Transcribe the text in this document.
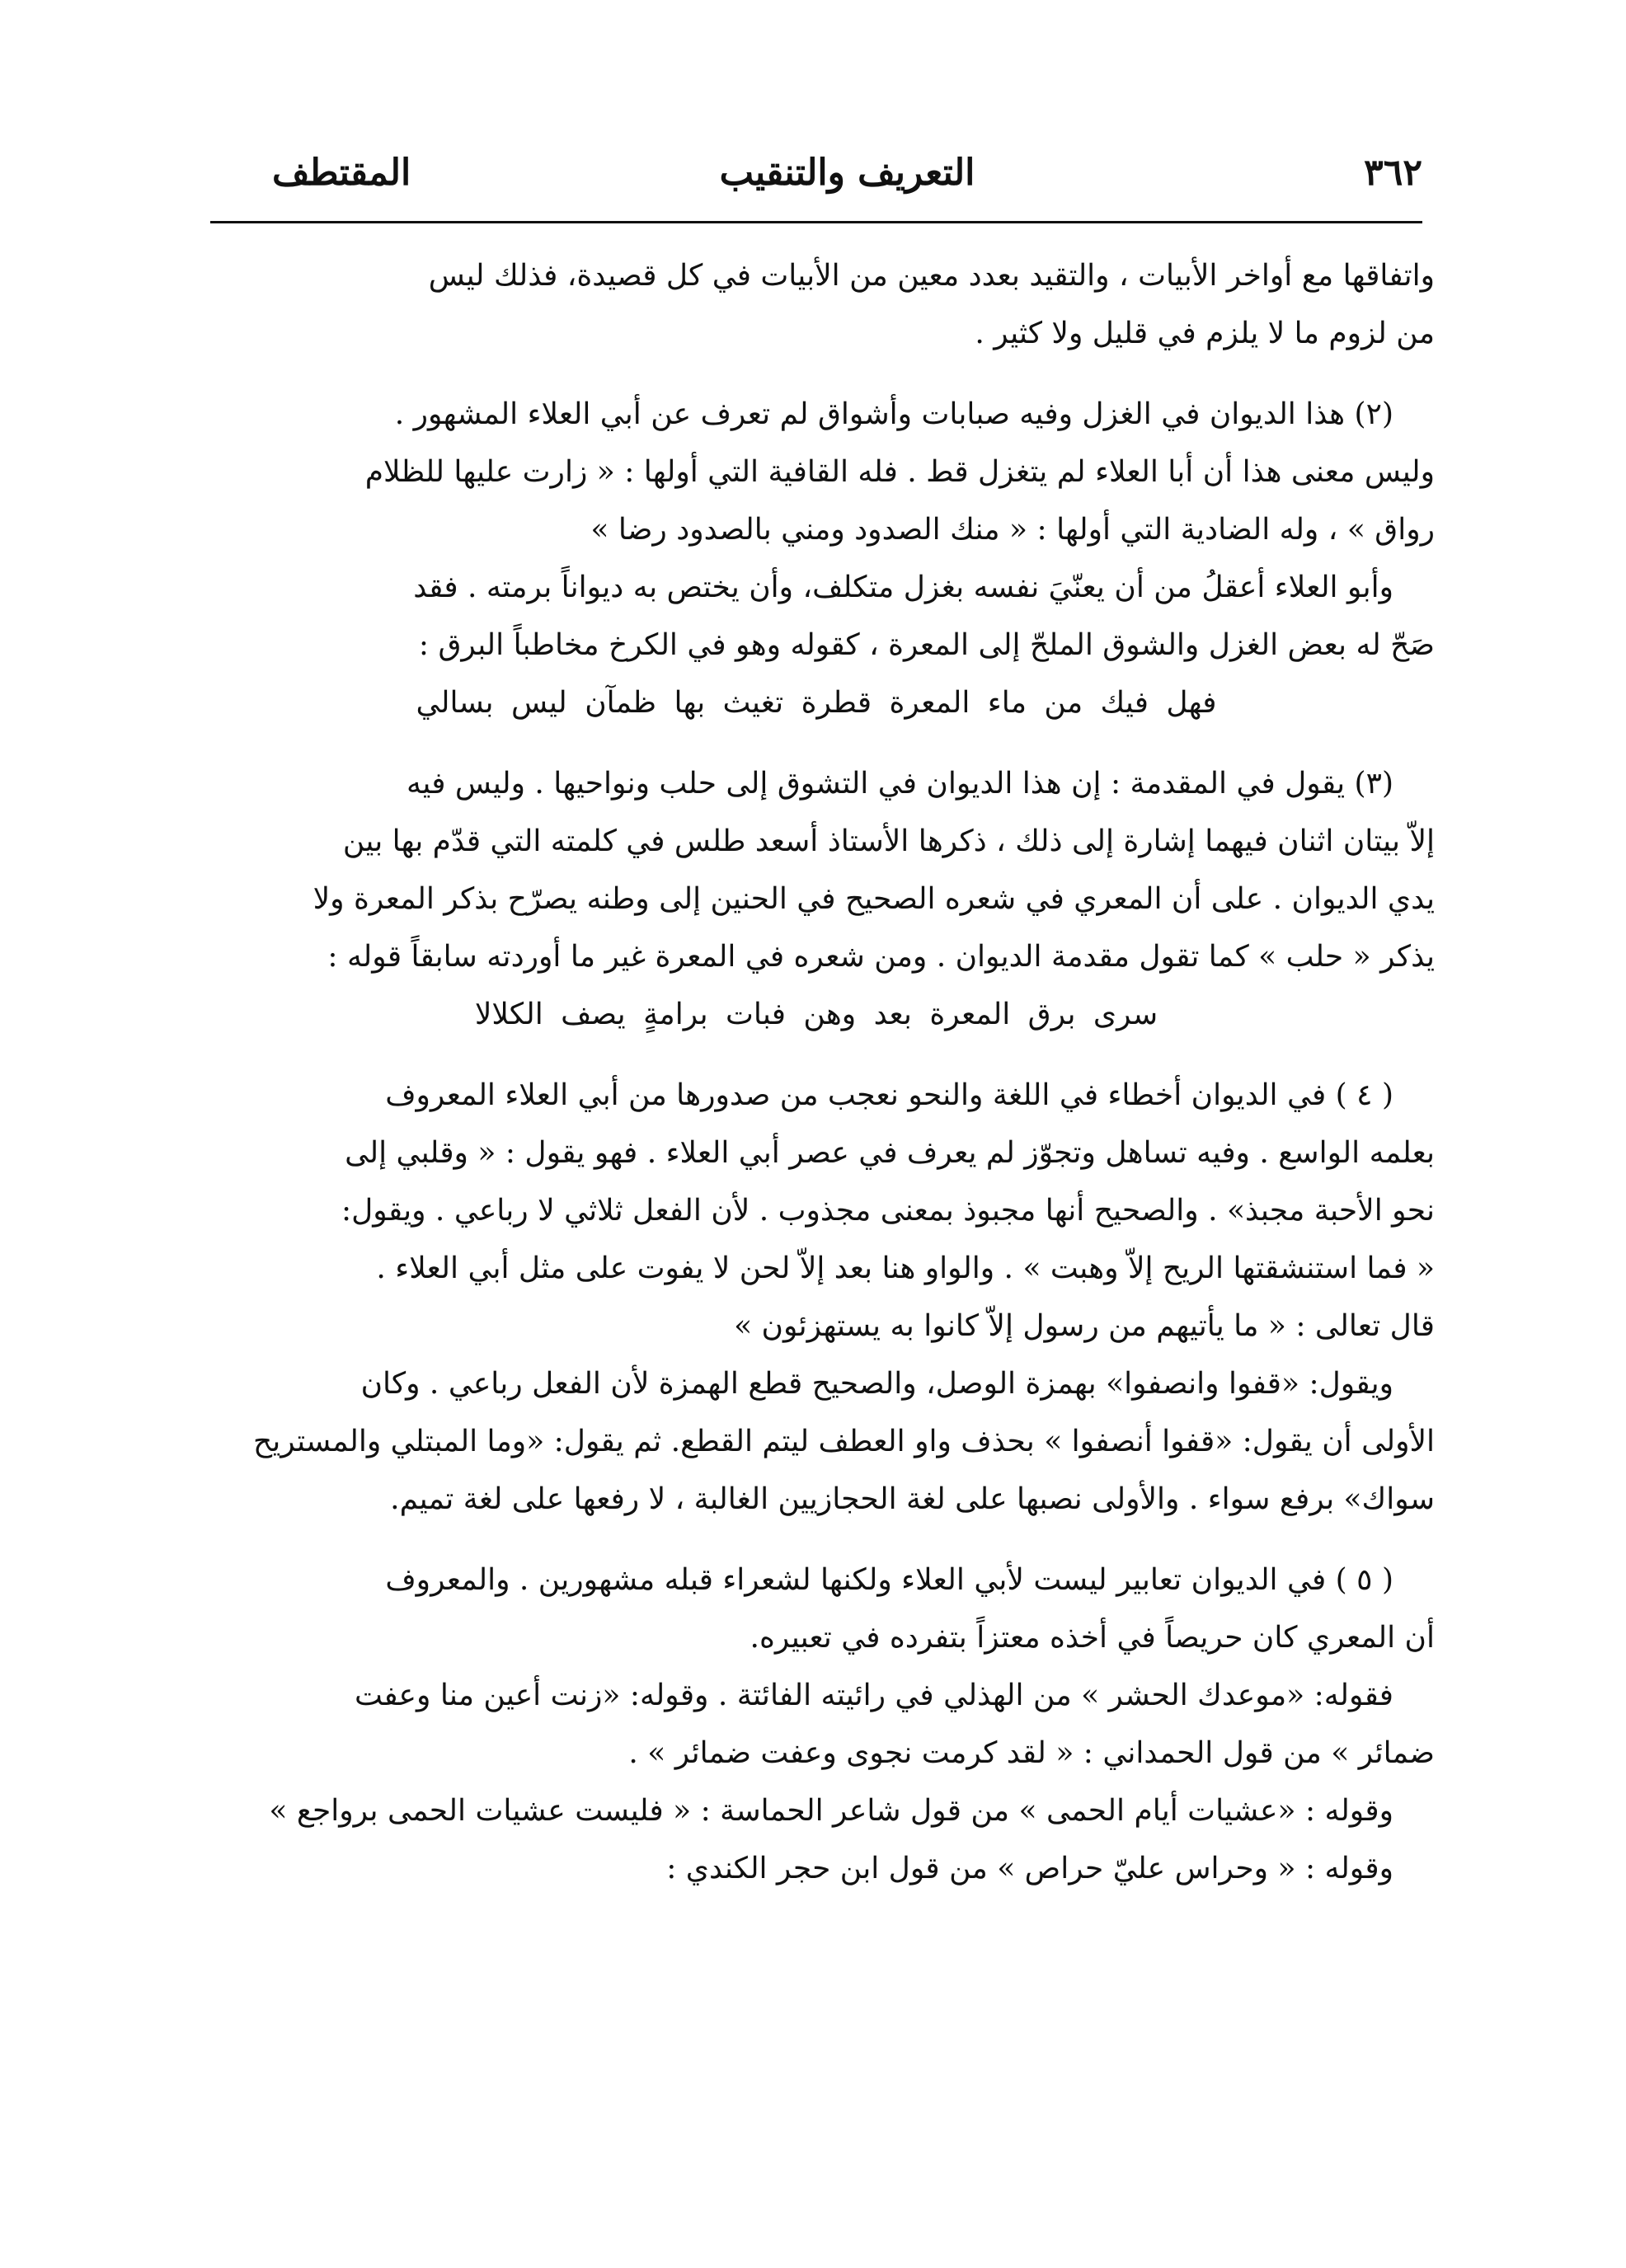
٣٦٢
التعريف والتنقيب
المقتطف
واتفاقها مع أواخر الأبيات ، والتقيد بعدد معين من الأبيات في كل قصيدة، فذلك ليس
من لزوم ما لا يلزم في قليل ولا كثير .
(٢) هذا الديوان في الغزل وفيه صبابات وأشواق لم تعرف عن أبي العلاء المشهور .
وليس معنى هذا أن أبا العلاء لم يتغزل قط . فله القافية التي أولها : « زارت عليها للظلام
رواق » ، وله الضادية التي أولها : « منك الصدود ومني بالصدود رضا »
وأبو العلاء أعقلُ من أن يعنّيَ نفسه بغزل متكلف، وأن يختص به ديواناً برمته . فقد
صَحّ له بعض الغزل والشوق الملحّ إلى المعرة ، كقوله وهو في الكرخ مخاطباً البرق :
فهل فيك من ماء المعرة قطرة تغيث بها ظمآن ليس بسالي
(٣) يقول في المقدمة : إن هذا الديوان في التشوق إلى حلب ونواحيها . وليس فيه
إلاّ بيتان اثنان فيهما إشارة إلى ذلك ، ذكرها الأستاذ أسعد طلس في كلمته التي قدّم بها بين
يدي الديوان . على أن المعري في شعره الصحيح في الحنين إلى وطنه يصرّح بذكر المعرة ولا
يذكر « حلب » كما تقول مقدمة الديوان . ومن شعره في المعرة غير ما أوردته سابقاً قوله :
سرى برق المعرة بعد وهن فبات برامةٍ يصف الكلالا
( ٤ ) في الديوان أخطاء في اللغة والنحو نعجب من صدورها من أبي العلاء المعروف
بعلمه الواسع . وفيه تساهل وتجوّز لم يعرف في عصر أبي العلاء . فهو يقول : « وقلبي إلى
نحو الأحبة مجبذ» . والصحيح أنها مجبوذ بمعنى مجذوب . لأن الفعل ثلاثي لا رباعي . ويقول:
« فما استنشقتها الريح إلاّ وهبت » . والواو هنا بعد إلاّ لحن لا يفوت على مثل أبي العلاء .
قال تعالى : « ما يأتيهم من رسول إلاّ كانوا به يستهزئون »
ويقول: «قفوا وانصفوا» بهمزة الوصل، والصحيح قطع الهمزة لأن الفعل رباعي . وكان
الأولى أن يقول: «قفوا أنصفوا » بحذف واو العطف ليتم القطع. ثم يقول: «وما المبتلي والمستريح
سواك» برفع سواء . والأولى نصبها على لغة الحجازيين الغالبة ، لا رفعها على لغة تميم.
( ٥ ) في الديوان تعابير ليست لأبي العلاء ولكنها لشعراء قبله مشهورين . والمعروف
أن المعري كان حريصاً في أخذه معتزاً بتفرده في تعبيره.
فقوله: «موعدك الحشر » من الهذلي في رائيته الفائتة . وقوله: «زنت أعين منا وعفت
ضمائر » من قول الحمداني : « لقد كرمت نجوى وعفت ضمائر » .
وقوله : «عشيات أيام الحمى » من قول شاعر الحماسة : « فليست عشيات الحمى برواجع »
وقوله : « وحراس عليّ حراص » من قول ابن حجر الكندي :
